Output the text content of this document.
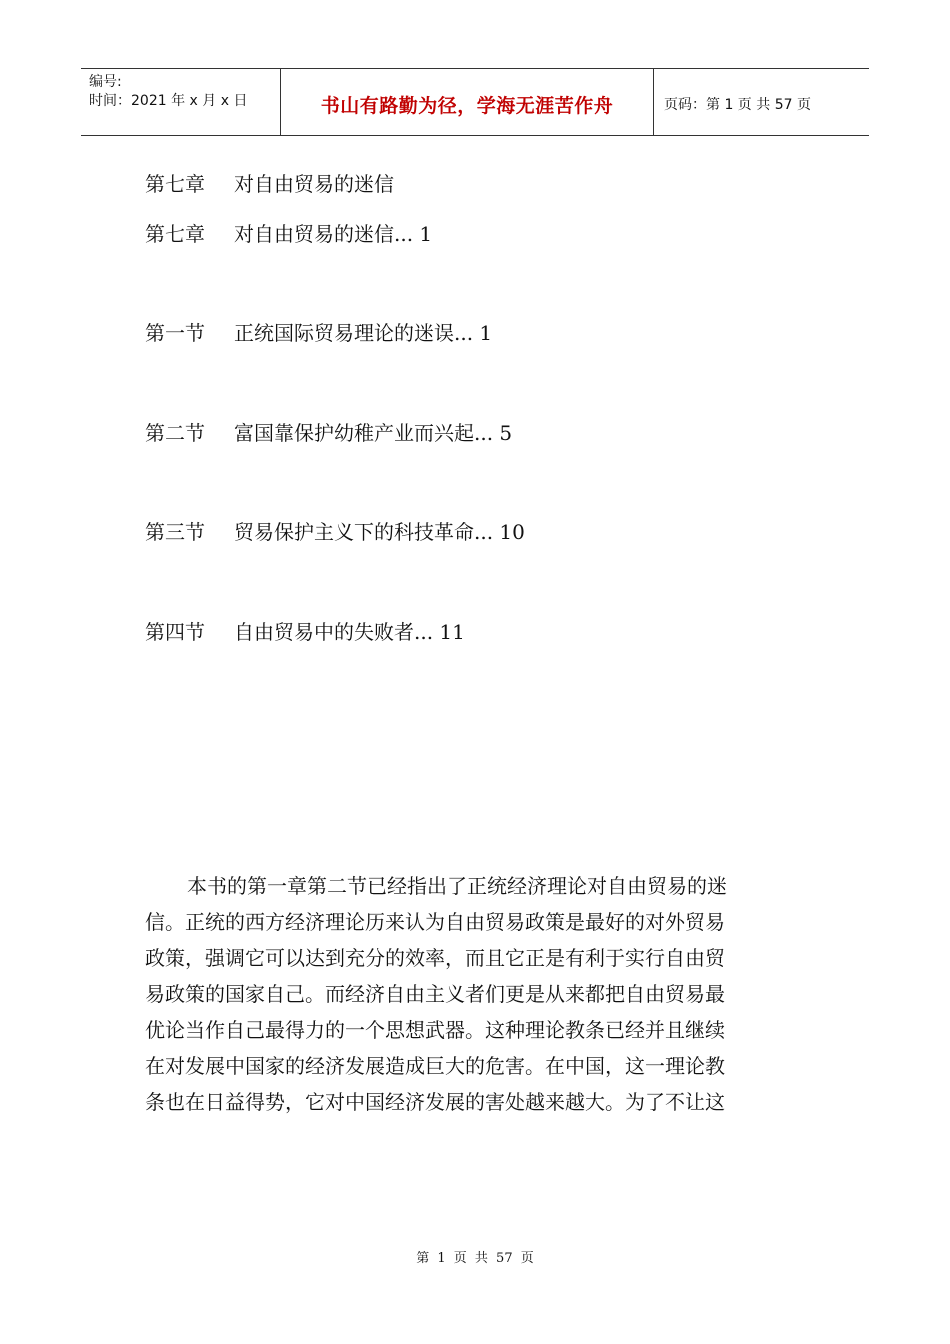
编号:
时间：2021 年 x 月 x 日	书山有路勤为径，学海无涯苦作舟	页码：第 1 页 共 57 页
第七章 对自由贸易的迷信
第七章 对自由贸易的迷信... 1
第一节 正统国际贸易理论的迷误... 1
第二节 富国靠保护幼稚产业而兴起... 5
第三节 贸易保护主义下的科技革命... 10
第四节 自由贸易中的失败者... 11
本书的第一章第二节已经指出了正统经济理论对自由贸易的迷
信。正统的西方经济理论历来认为自由贸易政策是最好的对外贸易
政策，强调它可以达到充分的效率，而且它正是有利于实行自由贸
易政策的国家自己。而经济自由主义者们更是从来都把自由贸易最
优论当作自己最得力的一个思想武器。这种理论教条已经并且继续
在对发展中国家的经济发展造成巨大的危害。在中国，这一理论教
条也在日益得势，它对中国经济发展的害处越来越大。为了不让这
第 1 页 共 57 页
